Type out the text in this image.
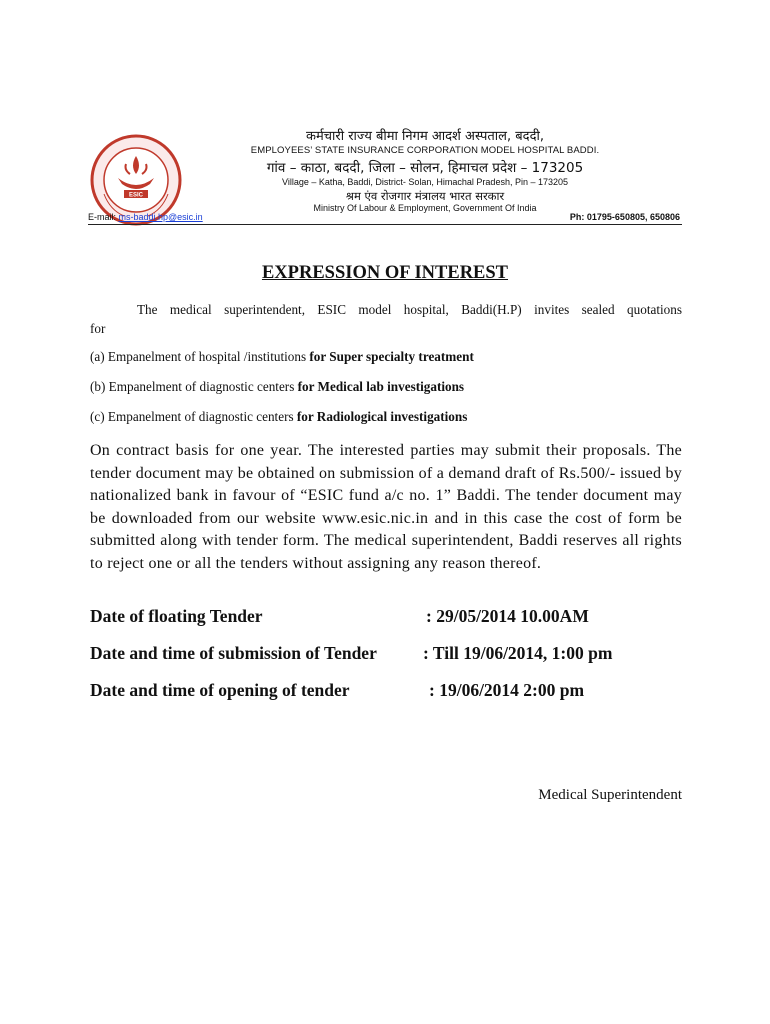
ESIC
कर्मचारी राज्य बीमा निगम आदर्श अस्पताल, बददी,
EMPLOYEES’ STATE INSURANCE CORPORATION MODEL HOSPITAL BADDI.
गांव – काठा, बददी, जिला – सोलन, हिमाचल प्रदेश – 173205
Village – Katha, Baddi, District- Solan, Himachal Pradesh, Pin – 173205
श्रम एंव रोजगार मंत्रालय भारत सरकार
Ministry Of Labour & Employment, Government Of India
E-mail: ms-baddi.hp@esic.in	Ph: 01795-650805, 650806
EXPRESSION OF INTEREST
The medical superintendent, ESIC model hospital, Baddi(H.P) invites sealed quotations
for
(a) Empanelment of hospital /institutions for Super specialty treatment
(b) Empanelment of diagnostic centers for Medical lab investigations
(c) Empanelment of diagnostic centers for Radiological investigations
On contract basis for one year. The interested parties may submit their proposals. The tender document may be obtained on submission of a demand draft of Rs.500/- issued by nationalized bank in favour of “ESIC fund a/c no. 1” Baddi. The tender document may be downloaded from our website www.esic.nic.in and in this case the cost of form be submitted along with tender form. The medical superintendent, Baddi reserves all rights to reject one or all the tenders without assigning any reason thereof.
Date of floating Tender	: 29/05/2014 10.00AM
Date and time of submission of Tender	: Till 19/06/2014, 1:00 pm
Date and time of opening of tender	: 19/06/2014 2:00 pm
Medical Superintendent
